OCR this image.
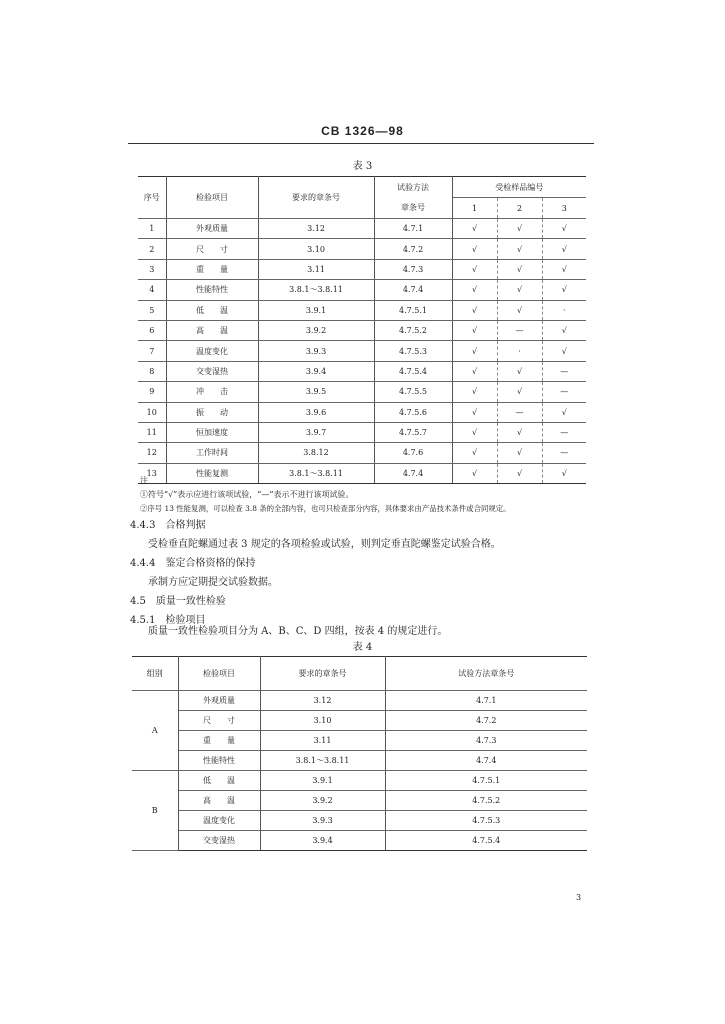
CB 1326—98
表 3
序号	检验项目	要求的章条号	试验方法	受检样品编号		
			章条号	1	2	3
1	外观质量	3.12	4.7.1	√	√	√
2	尺　　寸	3.10	4.7.2	√	√	√
3	重　　量	3.11	4.7.3	√	√	√
4	性能特性	3.8.1～3.8.11	4.7.4	√	√	√
5	低　　温	3.9.1	4.7.5.1	√	√	·
6	高　　温	3.9.2	4.7.5.2	√	—	√
7	温度变化	3.9.3	4.7.5.3	√	·	√
8	交变湿热	3.9.4	4.7.5.4	√	√	—
9	冲　　击	3.9.5	4.7.5.5	√	√	—
10	振　　动	3.9.6	4.7.5.6	√	—	√
11	恒加速度	3.9.7	4.7.5.7	√	√	—
12	工作时间	3.8.12	4.7.6	√	√	—
13	性能复测	3.8.1～3.8.11	4.7.4	√	√	√
注
①符号“√”表示应进行该项试验，“—”表示不进行该项试验。
②序号 13 性能复测，可以检查 3.8 条的全部内容，也可只检查部分内容，具体要求由产品技术条件或合同规定。
4.4.3　合格判据
受检垂直陀螺通过表 3 规定的各项检验或试验，则判定垂直陀螺鉴定试验合格。
4.4.4　鉴定合格资格的保持
承制方应定期提交试验数据。
4.5　质量一致性检验
4.5.1　检验项目
质量一致性检验项目分为 A、B、C、D 四组，按表 4 的规定进行。
表 4
组别	检验项目	要求的章条号	试验方法章条号
A	外观质量	3.12	4.7.1
	尺　　寸	3.10	4.7.2
	重　　量	3.11	4.7.3
	性能特性	3.8.1～3.8.11	4.7.4
B	低　　温	3.9.1	4.7.5.1
	高　　温	3.9.2	4.7.5.2
	温度变化	3.9.3	4.7.5.3
	交变湿热	3.9.4	4.7.5.4
3
